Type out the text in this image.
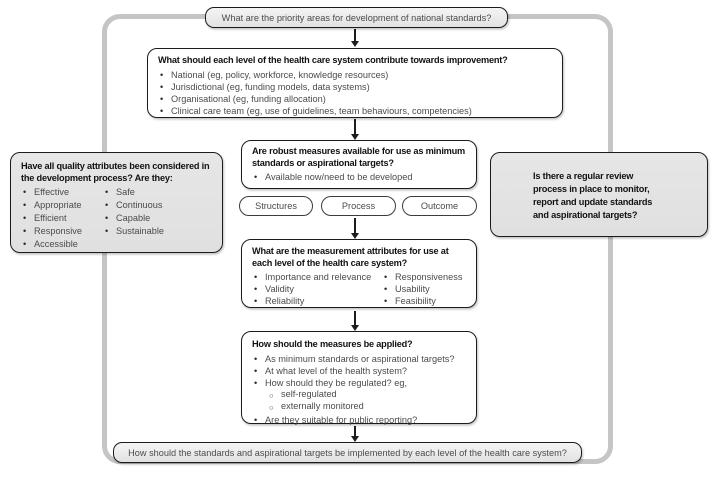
What are the priority areas for development of national standards?
What should each level of the health care system contribute towards improvement?
• National (eg, policy, workforce, knowledge resources)
• Jurisdictional (eg, funding models, data systems)
• Organisational (eg, funding allocation)
• Clinical care team (eg, use of guidelines, team behaviours, competencies)
Have all quality attributes been considered in the development process? Are they:
• Effective
• Appropriate
• Efficient
• Responsive
• Accessible
• Safe
• Continuous
• Capable
• Sustainable
Are robust measures available for use as minimum standards or aspirational targets?
• Available now/need to be developed
Structures	Process	Outcome
Is there a regular review process in place to monitor, report and update standards and aspirational targets?
What are the measurement attributes for use at each level of the health care system?
• Importance and relevance
• Validity
• Reliability
• Responsiveness
• Usability
• Feasibility
How should the measures be applied?
• As minimum standards or aspirational targets?
• At what level of the health system?
• How should they be regulated? eg,
○ self-regulated
○ externally monitored
• Are they suitable for public reporting?
How should the standards and aspirational targets be implemented by each level of the health care system?
